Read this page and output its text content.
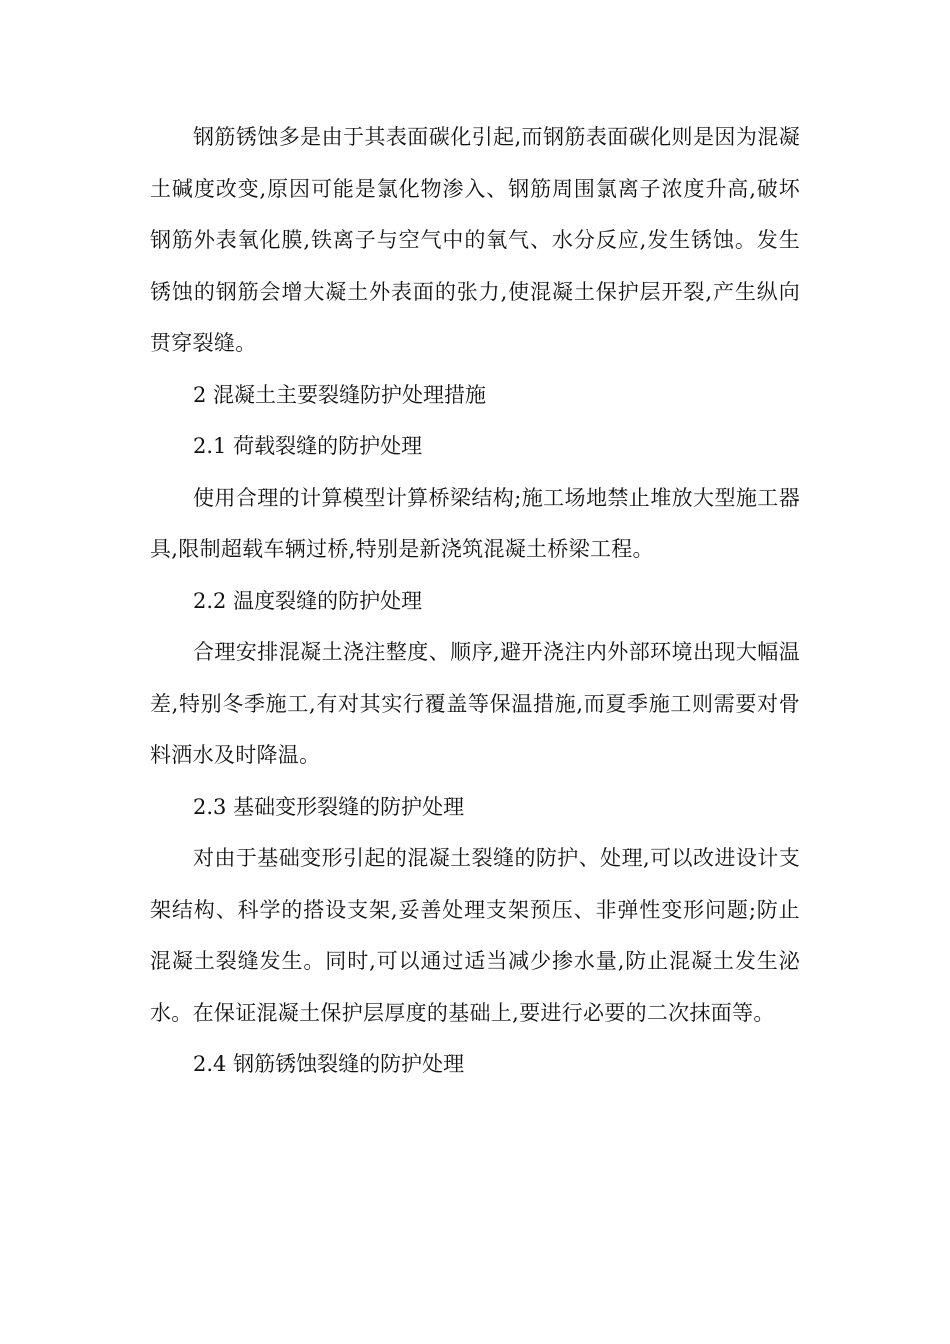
钢筋锈蚀多是由于其表面碳化引起,而钢筋表面碳化则是因为混凝土碱度改变,原因可能是氯化物渗入、钢筋周围氯离子浓度升高,破坏钢筋外表氧化膜,铁离子与空气中的氧气、水分反应,发生锈蚀。发生锈蚀的钢筋会增大凝土外表面的张力,使混凝土保护层开裂,产生纵向贯穿裂缝。

2 混凝土主要裂缝防护处理措施

2.1 荷载裂缝的防护处理

使用合理的计算模型计算桥梁结构;施工场地禁止堆放大型施工器具,限制超载车辆过桥,特别是新浇筑混凝土桥梁工程。

2.2 温度裂缝的防护处理

合理安排混凝土浇注整度、顺序,避开浇注内外部环境出现大幅温差,特别冬季施工,有对其实行覆盖等保温措施,而夏季施工则需要对骨料洒水及时降温。

2.3 基础变形裂缝的防护处理

对由于基础变形引起的混凝土裂缝的防护、处理,可以改进设计支架结构、科学的搭设支架,妥善处理支架预压、非弹性变形问题;防止混凝土裂缝发生。同时,可以通过适当减少掺水量,防止混凝土发生泌水。在保证混凝土保护层厚度的基础上,要进行必要的二次抹面等。

2.4 钢筋锈蚀裂缝的防护处理
